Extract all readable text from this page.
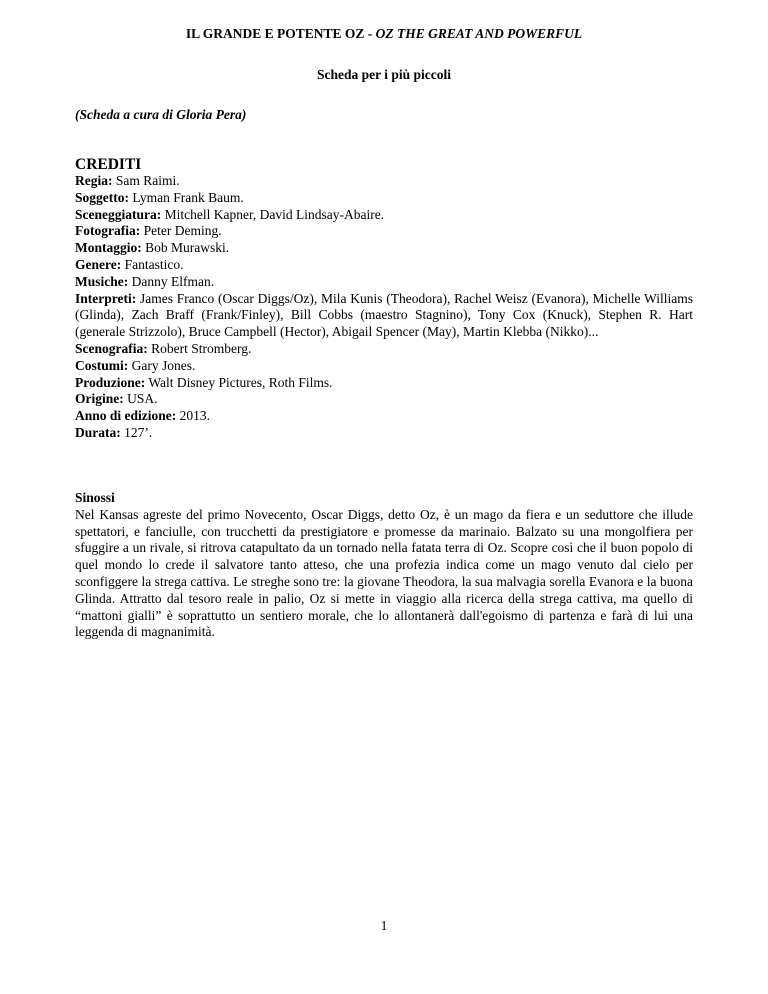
IL GRANDE E POTENTE OZ - OZ THE GREAT AND POWERFUL
Scheda per i più piccoli
(Scheda a cura di Gloria Pera)
CREDITI
Regia: Sam Raimi.
Soggetto: Lyman Frank Baum.
Sceneggiatura: Mitchell Kapner, David Lindsay-Abaire.
Fotografia: Peter Deming.
Montaggio: Bob Murawski.
Genere: Fantastico.
Musiche: Danny Elfman.
Interpreti: James Franco (Oscar Diggs/Oz), Mila Kunis (Theodora), Rachel Weisz (Evanora), Michelle Williams (Glinda), Zach Braff (Frank/Finley), Bill Cobbs (maestro Stagnino), Tony Cox (Knuck), Stephen R. Hart (generale Strizzolo), Bruce Campbell (Hector), Abigail Spencer (May), Martin Klebba (Nikko)...
Scenografia: Robert Stromberg.
Costumi: Gary Jones.
Produzione: Walt Disney Pictures, Roth Films.
Origine: USA.
Anno di edizione: 2013.
Durata: 127’.
Sinossi
Nel Kansas agreste del primo Novecento, Oscar Diggs, detto Oz, è un mago da fiera e un seduttore che illude spettatori, e fanciulle, con trucchetti da prestigiatore e promesse da marinaio. Balzato su una mongolfiera per sfuggire a un rivale, si ritrova catapultato da un tornado nella fatata terra di Oz. Scopre così che il buon popolo di quel mondo lo crede il salvatore tanto atteso, che una profezia indica come un mago venuto dal cielo per sconfiggere la strega cattiva. Le streghe sono tre: la giovane Theodora, la sua malvagia sorella Evanora e la buona Glinda. Attratto dal tesoro reale in palio, Oz si mette in viaggio alla ricerca della strega cattiva, ma quello di “mattoni gialli” è soprattutto un sentiero morale, che lo allontanerà dall'egoismo di partenza e farà di lui una leggenda di magnanimità.
1
